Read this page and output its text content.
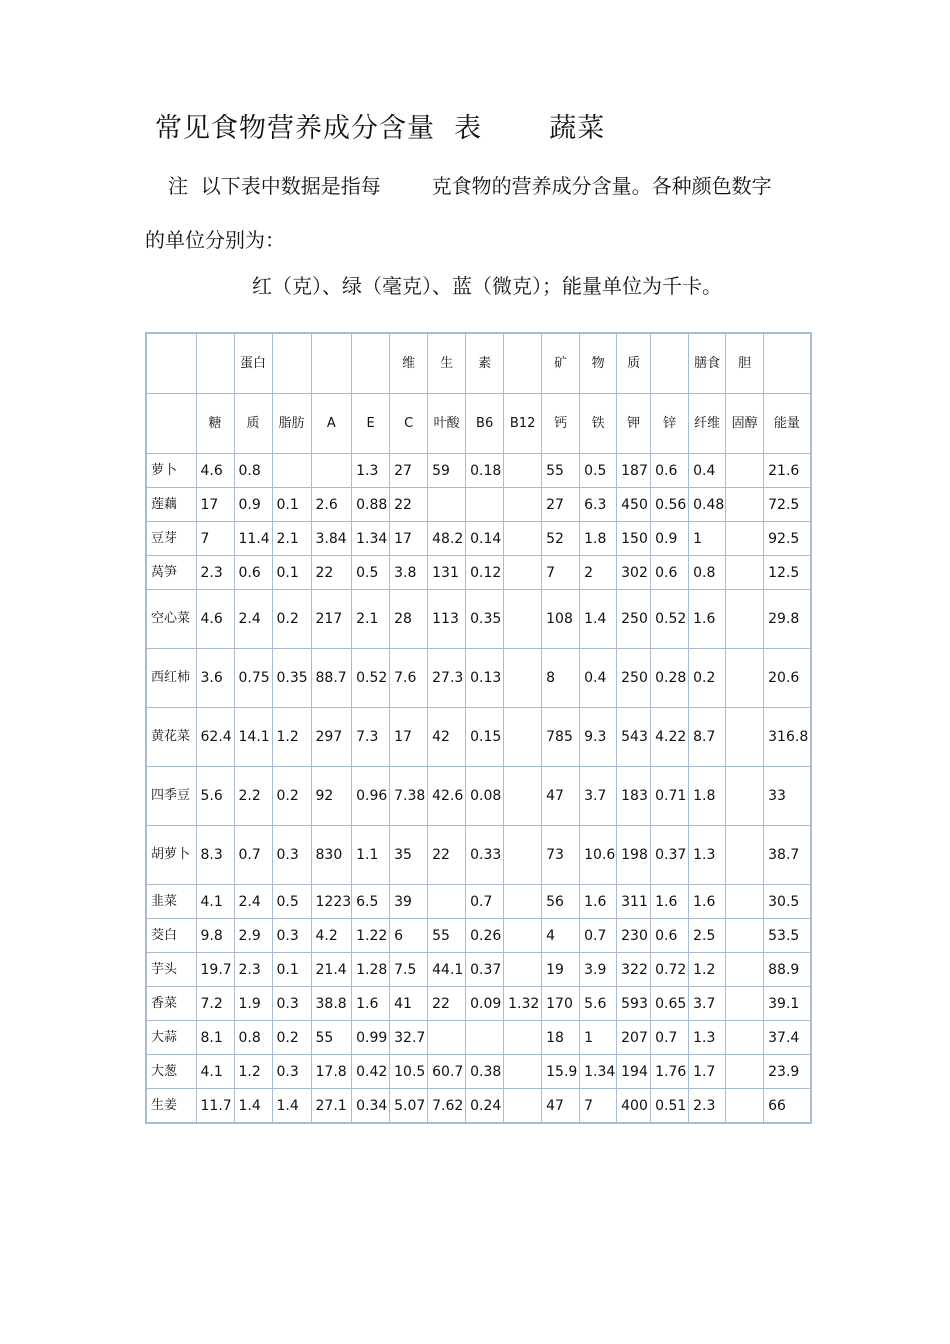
常见食物营养成分含量  表       蔬菜
注  以下表中数据是指每        克食物的营养成分含量。各种颜色数字
的单位分别为：
红（克）、绿（毫克）、蓝（微克）；能量单位为千卡。
		蛋白				维	生	素		矿	物	质		膳食	胆	
	糖	质	脂肪	A	E	C	叶酸	B6	B12	钙	铁	钾	锌	纤维	固醇	能量
萝卜	4.6	0.8			1.3	27	59	0.18		55	0.5	187	0.6	0.4		21.6
莲藕	17	0.9	0.1	2.6	0.88	22				27	6.3	450	0.56	0.48		72.5
豆芽	7	11.4	2.1	3.84	1.34	17	48.2	0.14		52	1.8	150	0.9	1		92.5
莴笋	2.3	0.6	0.1	22	0.5	3.8	131	0.12		7	2	302	0.6	0.8		12.5
空心菜	4.6	2.4	0.2	217	2.1	28	113	0.35		108	1.4	250	0.52	1.6		29.8
西红柿	3.6	0.75	0.35	88.7	0.52	7.6	27.3	0.13		8	0.4	250	0.28	0.2		20.6
黄花菜	62.4	14.1	1.2	297	7.3	17	42	0.15		785	9.3	543	4.22	8.7		316.8
四季豆	5.6	2.2	0.2	92	0.96	7.38	42.6	0.08		47	3.7	183	0.71	1.8		33
胡萝卜	8.3	0.7	0.3	830	1.1	35	22	0.33		73	10.6	198	0.37	1.3		38.7
韭菜	4.1	2.4	0.5	1223	6.5	39		0.7		56	1.6	311	1.6	1.6		30.5
茭白	9.8	2.9	0.3	4.2	1.22	6	55	0.26		4	0.7	230	0.6	2.5		53.5
芋头	19.7	2.3	0.1	21.4	1.28	7.5	44.1	0.37		19	3.9	322	0.72	1.2		88.9
香菜	7.2	1.9	0.3	38.8	1.6	41	22	0.09	1.32	170	5.6	593	0.65	3.7		39.1
大蒜	8.1	0.8	0.2	55	0.99	32.7				18	1	207	0.7	1.3		37.4
大葱	4.1	1.2	0.3	17.8	0.42	10.5	60.7	0.38		15.9	1.34	194	1.76	1.7		23.9
生姜	11.7	1.4	1.4	27.1	0.34	5.07	7.62	0.24		47	7	400	0.51	2.3		66
